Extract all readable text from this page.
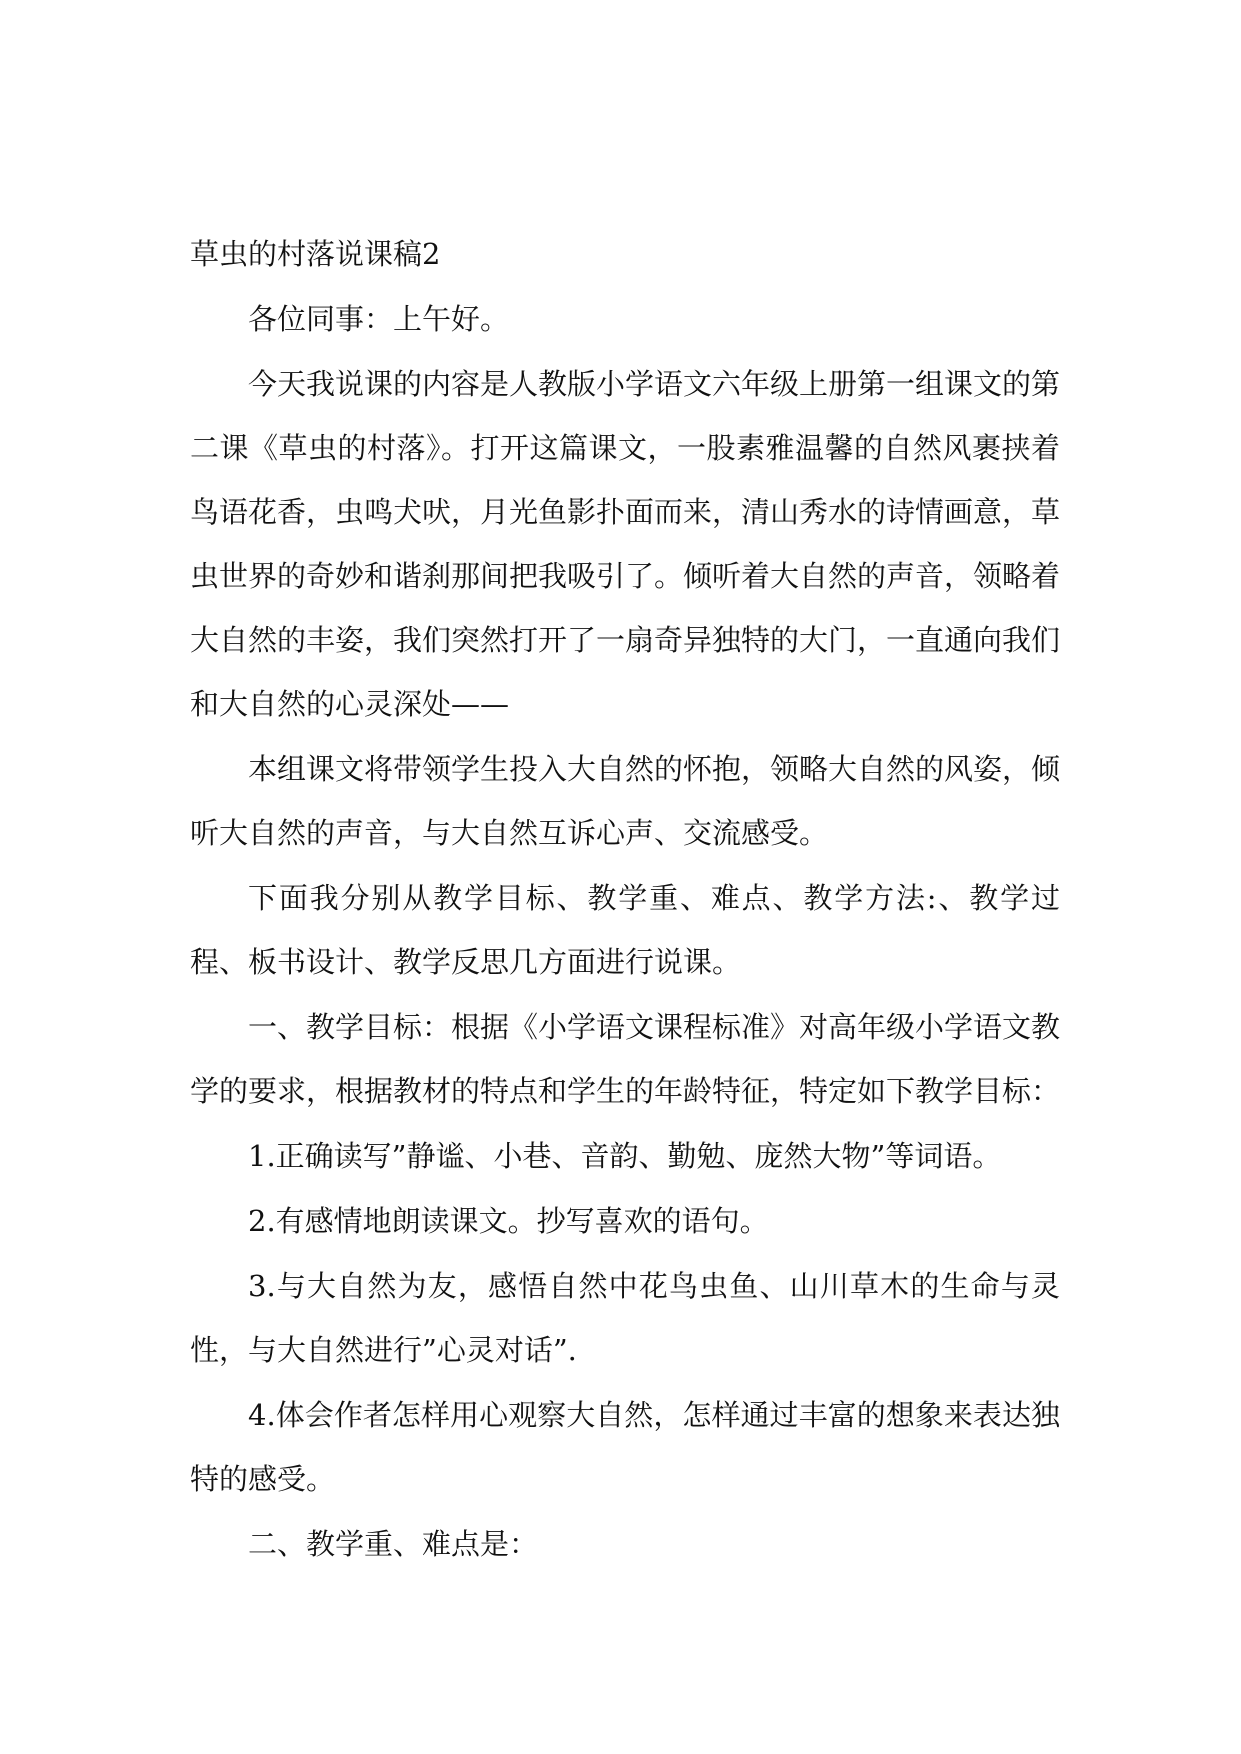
草虫的村落说课稿2

各位同事：上午好。

今天我说课的内容是人教版小学语文六年级上册第一组课文的第二课《草虫的村落》。打开这篇课文，一股素雅温馨的自然风裹挟着鸟语花香，虫鸣犬吠，月光鱼影扑面而来，清山秀水的诗情画意，草虫世界的奇妙和谐刹那间把我吸引了。倾听着大自然的声音，领略着大自然的丰姿，我们突然打开了一扇奇异独特的大门，一直通向我们和大自然的心灵深处——

本组课文将带领学生投入大自然的怀抱，领略大自然的风姿，倾听大自然的声音，与大自然互诉心声、交流感受。

下面我分别从教学目标、教学重、难点、教学方法:、教学过程、板书设计、教学反思几方面进行说课。

一、教学目标：根据《小学语文课程标准》对高年级小学语文教学的要求，根据教材的特点和学生的年龄特征，特定如下教学目标：

1.正确读写”静谧、小巷、音韵、勤勉、庞然大物”等词语。

2.有感情地朗读课文。抄写喜欢的语句。

3.与大自然为友，感悟自然中花鸟虫鱼、山川草木的生命与灵性，与大自然进行”心灵对话”.

4.体会作者怎样用心观察大自然，怎样通过丰富的想象来表达独特的感受。

二、教学重、难点是：
